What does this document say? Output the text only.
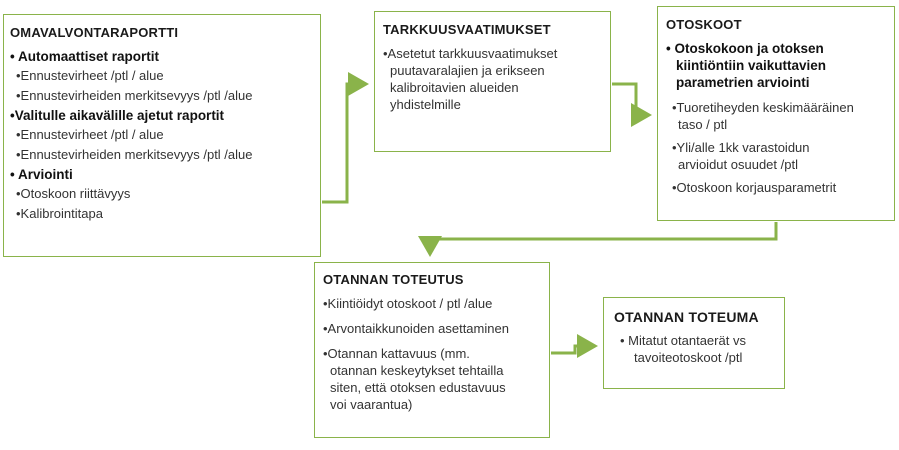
OMAVALVONTARAPORTTI
• Automaattiset raportit
•Ennustevirheet /ptl / alue
•Ennustevirheiden merkitsevyys /ptl /alue
•Valitulle aikavälille ajetut raportit
•Ennustevirheet /ptl / alue
•Ennustevirheiden merkitsevyys /ptl /alue
• Arviointi
•Otoskoon riittävyys
•Kalibrointitapa
TARKKUUSVAATIMUKSET
•Asetetut tarkkuusvaatimukset
puutavaralajien ja erikseen
kalibroitavien alueiden
yhdistelmille
OTOSKOOT
• Otoskokoon ja otoksen
kiintiöntiin vaikuttavien
parametrien arviointi
•Tuoretiheyden keskimääräinen
taso / ptl
•Yli/alle 1kk varastoidun
arvioidut osuudet /ptl
•Otoskoon korjausparametrit
OTANNAN TOTEUTUS
•Kiintiöidyt otoskoot / ptl /alue
•Arvontaikkunoiden asettaminen
•Otannan kattavuus (mm.
otannan keskeytykset tehtailla
siten, että otoksen edustavuus
voi vaarantua)
OTANNAN TOTEUMA
• Mitatut otantaerät vs
tavoiteotoskoot /ptl
